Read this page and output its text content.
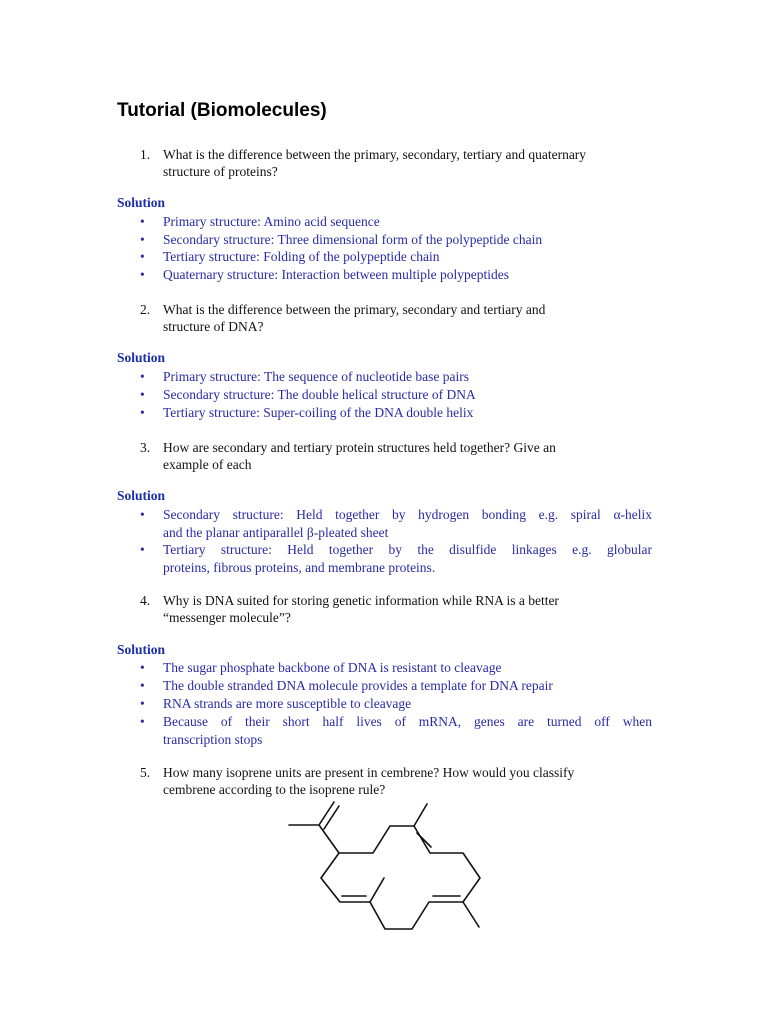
Tutorial (Biomolecules)
1. What is the difference between the primary, secondary, tertiary and quaternary
structure of proteins?
Solution
• Primary structure: Amino acid sequence
• Secondary structure: Three dimensional form of the polypeptide chain
• Tertiary structure: Folding of the polypeptide chain
• Quaternary structure: Interaction between multiple polypeptides
2. What is the difference between the primary, secondary and tertiary and
structure of DNA?
Solution
• Primary structure: The sequence of nucleotide base pairs
• Secondary structure: The double helical structure of DNA
• Tertiary structure: Super-coiling of the DNA double helix
3. How are secondary and tertiary protein structures held together? Give an
example of each
Solution
• Secondary structure: Held together by hydrogen bonding e.g. spiral α-helix
and the planar antiparallel β-pleated sheet
• Tertiary structure: Held together by the disulfide linkages e.g. globular
proteins, fibrous proteins, and membrane proteins.
4. Why is DNA suited for storing genetic information while RNA is a better
“messenger molecule”?
Solution
• The sugar phosphate backbone of DNA is resistant to cleavage
• The double stranded DNA molecule provides a template for DNA repair
• RNA strands are more susceptible to cleavage
• Because of their short half lives of mRNA, genes are turned off when
transcription stops
5. How many isoprene units are present in cembrene? How would you classify
cembrene according to the isoprene rule?
